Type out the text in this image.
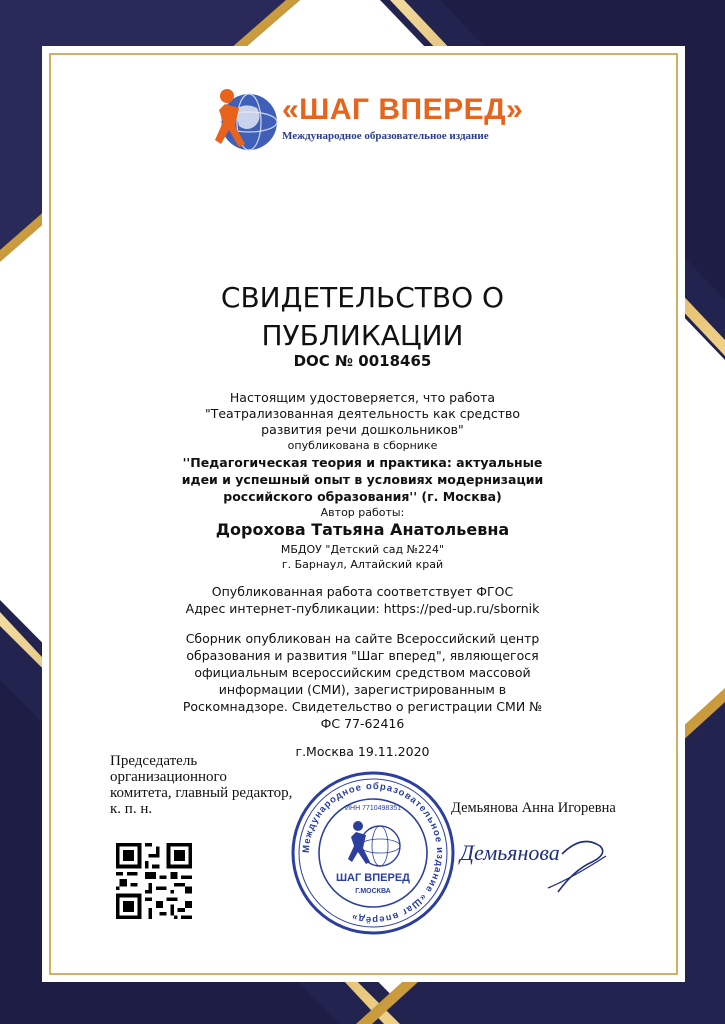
«ШАГ ВПЕРЕД»
Международное образовательное издание
СВИДЕТЕЛЬСТВО О
ПУБЛИКАЦИИ
DOC № 0018465
Настоящим удостоверяется, что работа
"Театрализованная деятельность как средство
развития речи дошкольников"
опубликована в сборнике
''Педагогическая теория и практика: актуальные
идеи и успешный опыт в условиях модернизации
российского образования'' (г. Москва)
Автор работы:
Дорохова Татьяна Анатольевна
МБДОУ "Детский сад №224"
г. Барнаул, Алтайский край
Опубликованная работа соответствует ФГОС
Адрес интернет-публикации: https://ped-up.ru/sbornik
Сборник опубликован на сайте Всероссийский центр
образования и развития "Шаг вперед", являющегося
официальным всероссийским средством массовой
информации (СМИ), зарегистрированным в
Роскомнадзоре. Свидетельство о регистрации СМИ №
ФС 77-62416
г.Москва 19.11.2020
Председатель
организационного
комитета, главный редактор,
к. п. н.	Демьянова Анна Игоревна
Демьянова
Международное образовательное издание «Шаг вперёд»
ИНН 7710498351
ШАГ ВПЕРЕД
Г.МОСКВА
